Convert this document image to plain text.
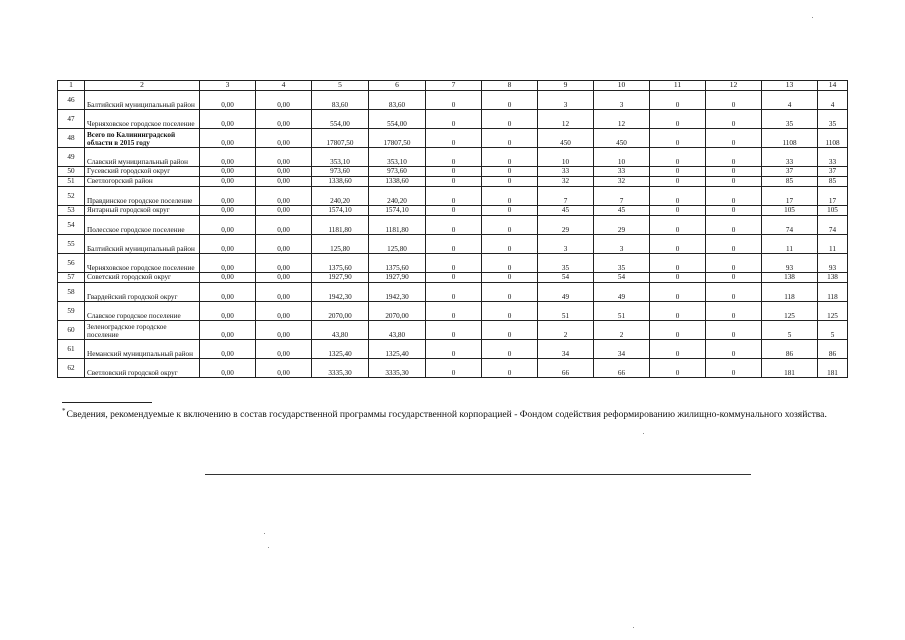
1	2	3	4	5	6	7	8	9	10	11	12	13	14
46	Балтийский муниципальный район	0,00	0,00	83,60	83,60	0	0	3	3	0	0	4	4
47	Черняховское городское поселение	0,00	0,00	554,00	554,00	0	0	12	12	0	0	35	35
48	Всего по Калининградской области в 2015 году	0,00	0,00	17807,50	17807,50	0	0	450	450	0	0	1108	1108
49	Славский муниципальный район	0,00	0,00	353,10	353,10	0	0	10	10	0	0	33	33
50	Гусевский городской округ	0,00	0,00	973,60	973,60	0	0	33	33	0	0	37	37
51	Светлогорский район	0,00	0,00	1338,60	1338,60	0	0	32	32	0	0	85	85
52	Правдинское городское поселение	0,00	0,00	240,20	240,20	0	0	7	7	0	0	17	17
53	Янтарный городской округ	0,00	0,00	1574,10	1574,10	0	0	45	45	0	0	105	105
54	Полесское городское поселение	0,00	0,00	1181,80	1181,80	0	0	29	29	0	0	74	74
55	Балтийский муниципальный район	0,00	0,00	125,80	125,80	0	0	3	3	0	0	11	11
56	Черняховское городское поселение	0,00	0,00	1375,60	1375,60	0	0	35	35	0	0	93	93
57	Советский городской округ	0,00	0,00	1927,90	1927,90	0	0	54	54	0	0	138	138
58	Гвардейский городской округ	0,00	0,00	1942,30	1942,30	0	0	49	49	0	0	118	118
59	Славское городское поселение	0,00	0,00	2070,00	2070,00	0	0	51	51	0	0	125	125
60	Зеленоградское городское поселение	0,00	0,00	43,80	43,80	0	0	2	2	0	0	5	5
61	Неманский муниципальный район	0,00	0,00	1325,40	1325,40	0	0	34	34	0	0	86	86
62	Светловский городской округ	0,00	0,00	3335,30	3335,30	0	0	66	66	0	0	181	181
*Сведения, рекомендуемые к включению в состав государственной программы государственной корпорацией - Фондом содействия реформированию жилищно-коммунального хозяйства.
